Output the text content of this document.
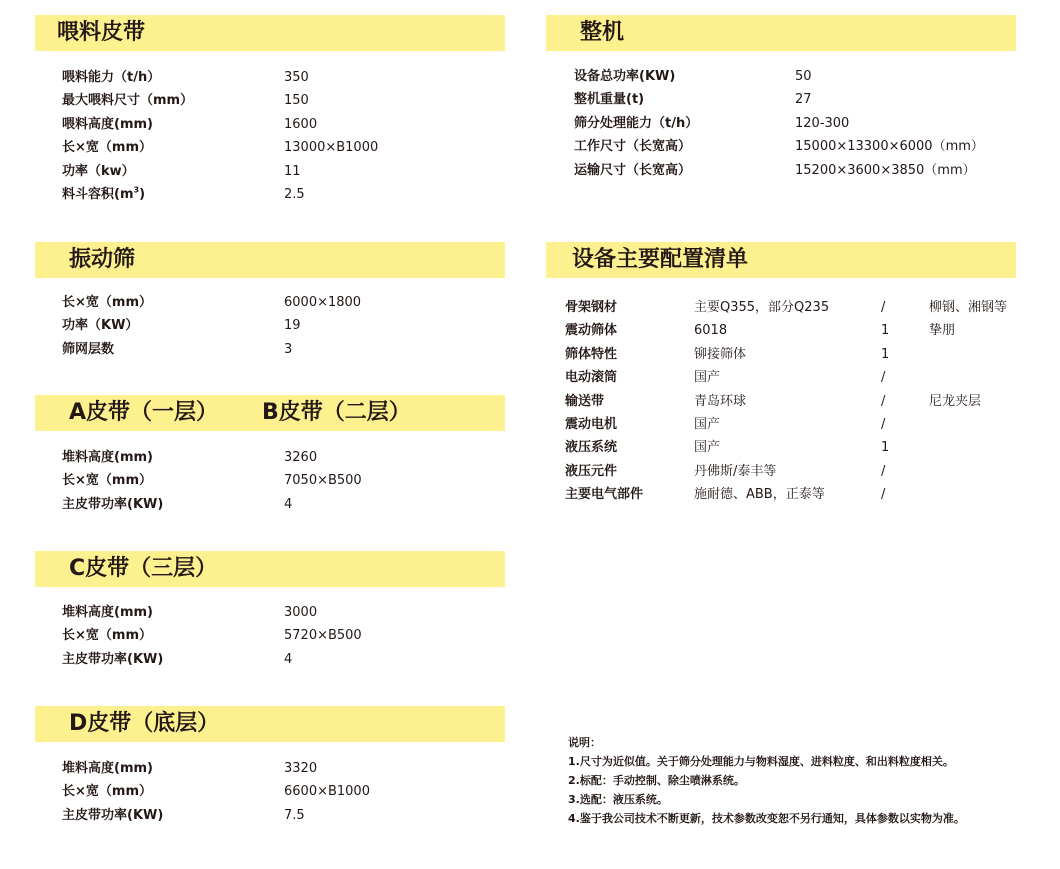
喂料皮带
喂料能力（t/h）	350
最大喂料尺寸（mm）	150
喂料高度(mm)	1600
长×宽（mm）	13000×B1000
功率（kw）	11
料斗容积$(m^3)$	2.5
整机
设备总功率(KW)	50
整机重量(t)	27
筛分处理能力（t/h）	120-300
工作尺寸（长宽高）	15000×13300×6000（mm）
运输尺寸（长宽高）	15200×3600×3850（mm）
振动筛
长×宽（mm）	6000×1800
功率（KW）	19
筛网层数	3
设备主要配置清单
骨架钢材	主要Q355，部分Q235	/	柳钢、湘钢等
震动筛体	6018	1	挚朋
筛体特性	铆接筛体	1
电动滚筒	国产	/
输送带	青岛环球	/	尼龙夹层
震动电机	国产	/
液压系统	国产	1
液压元件	丹佛斯/泰丰等	/
主要电气部件	施耐德、ABB，正泰等	/
A皮带（一层） B皮带（二层）
堆料高度(mm)	3260
长×宽（mm）	7050×B500
主皮带功率(KW)	4
C皮带（三层）
堆料高度(mm)	3000
长×宽（mm）	5720×B500
主皮带功率(KW)	4
D皮带（底层）
堆料高度(mm)	3320
长×宽（mm）	6600×B1000
主皮带功率(KW)	7.5
说明：
1.尺寸为近似值。关于筛分处理能力与物料湿度、进料粒度、和出料粒度相关。
2.标配：手动控制、除尘喷淋系统。
3.选配：液压系统。
4.鉴于我公司技术不断更新，技术参数改变恕不另行通知，具体参数以实物为准。
